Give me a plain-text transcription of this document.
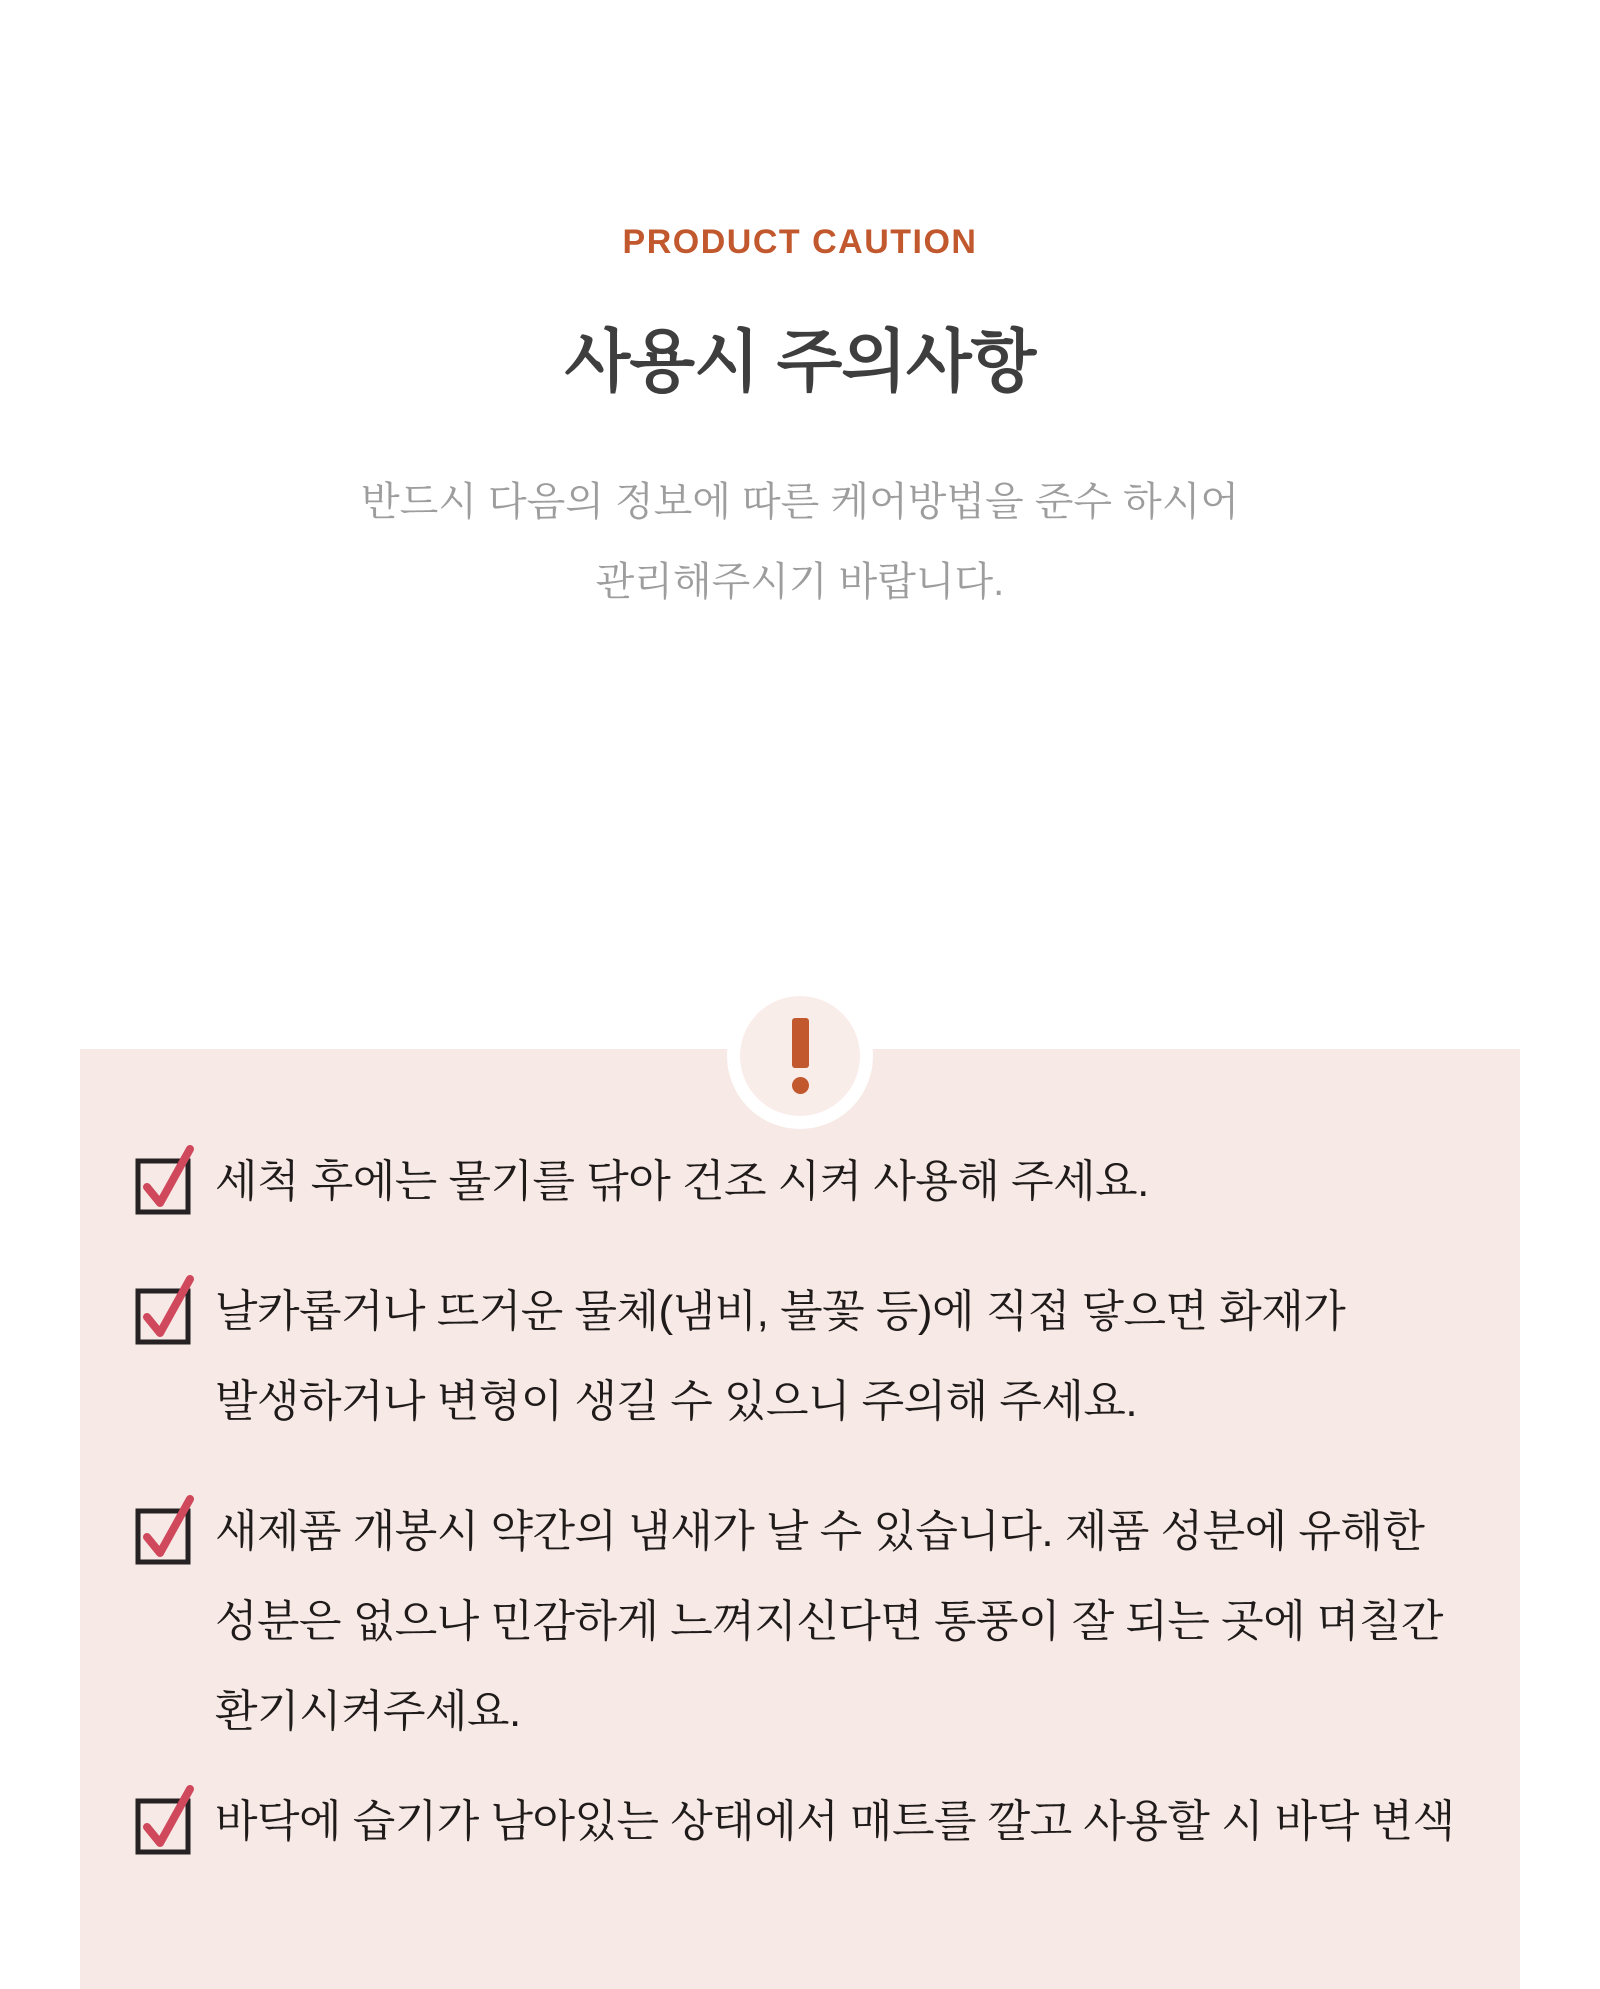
PRODUCT CAUTION
사용시 주의사항

반드시 다음의 정보에 따른 케어방법을 준수 하시어
관리해주시기 바랍니다.

세척 후에는 물기를 닦아 건조 시켜 사용해 주세요.
날카롭거나 뜨거운 물체(냄비, 불꽃 등)에 직접 닿으면 화재가
발생하거나 변형이 생길 수 있으니 주의해 주세요.
새제품 개봉시 약간의 냄새가 날 수 있습니다. 제품 성분에 유해한
성분은 없으나 민감하게 느껴지신다면 통풍이 잘 되는 곳에 며칠간
환기시켜주세요.
바닥에 습기가 남아있는 상태에서 매트를 깔고 사용할 시 바닥 변색
